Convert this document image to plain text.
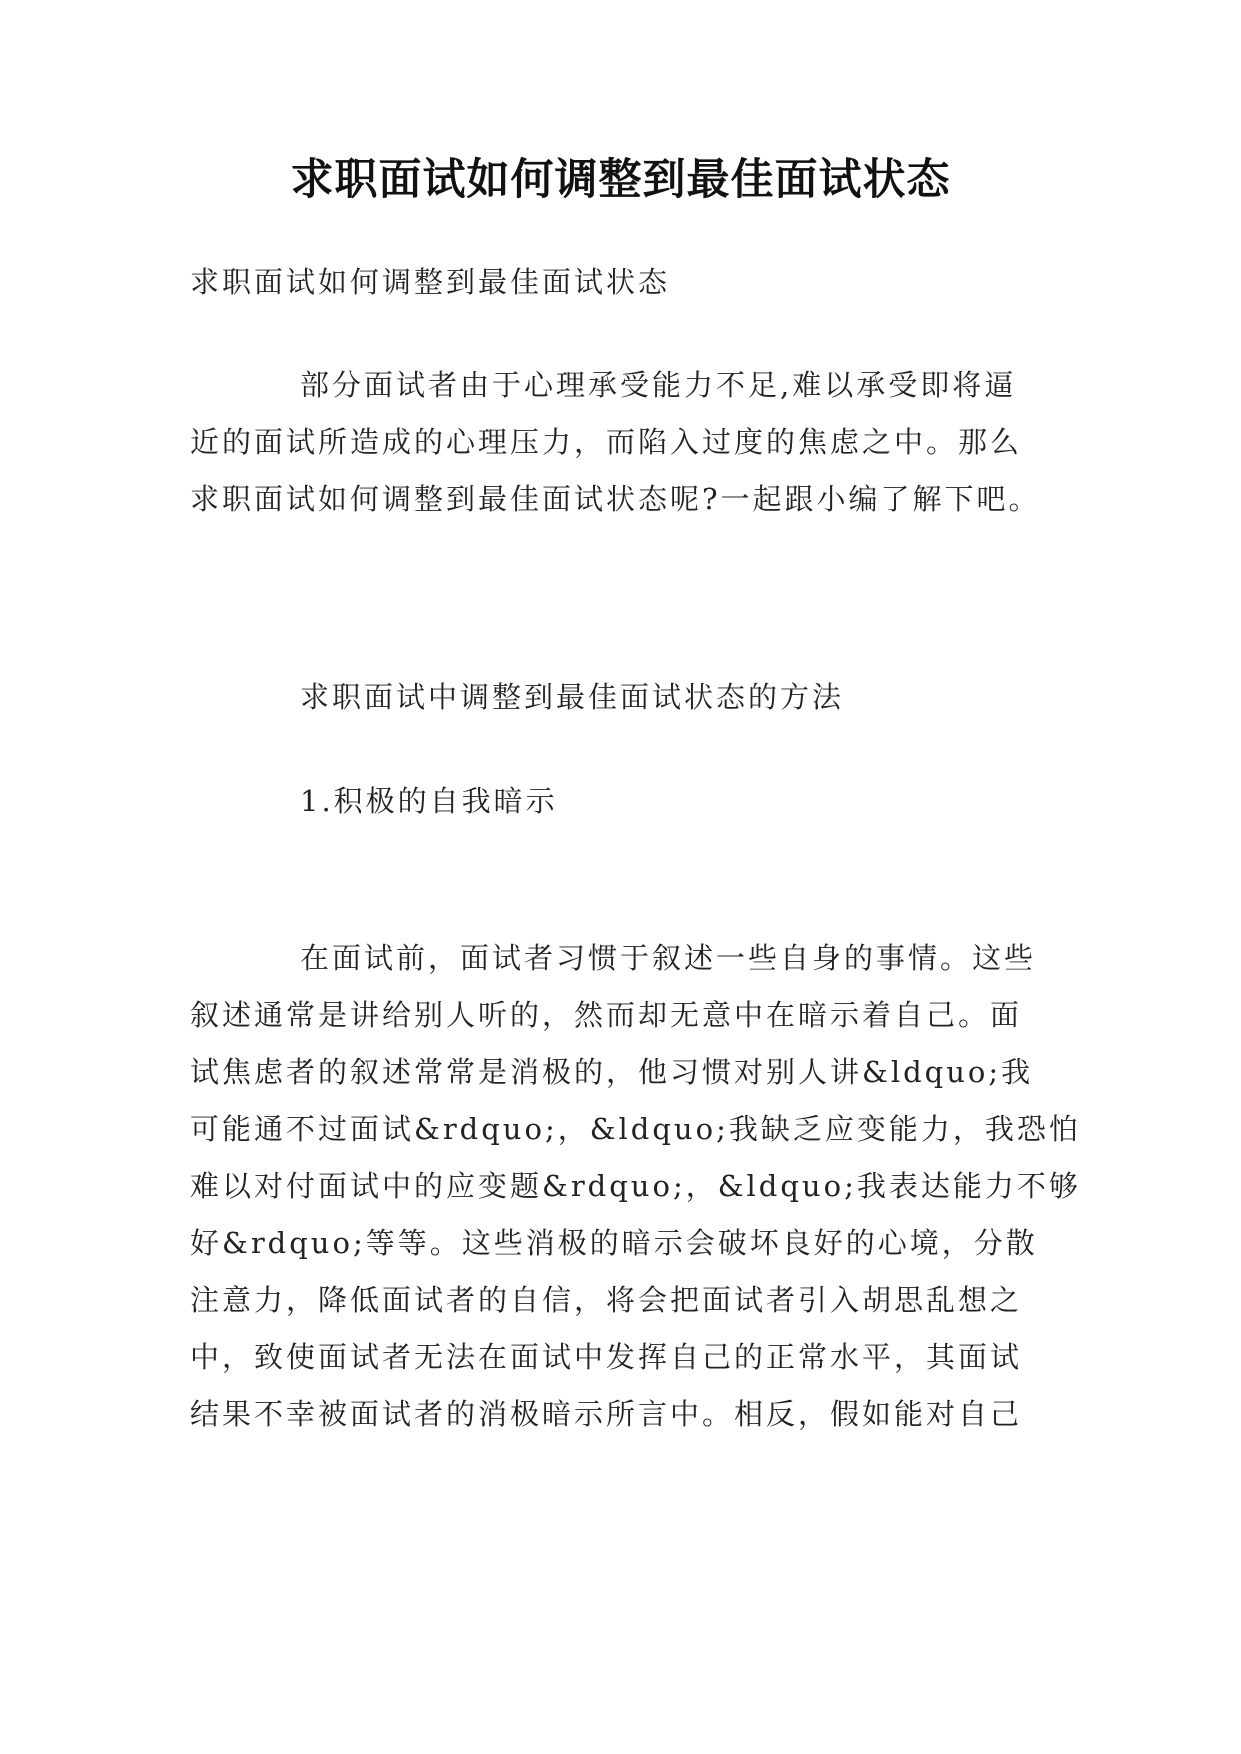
求职面试如何调整到最佳面试状态
求职面试如何调整到最佳面试状态
部分面试者由于心理承受能力不足,难以承受即将逼
近的面试所造成的心理压力，而陷入过度的焦虑之中。那么
求职面试如何调整到最佳面试状态呢?一起跟小编了解下吧。
求职面试中调整到最佳面试状态的方法
1.积极的自我暗示
在面试前，面试者习惯于叙述一些自身的事情。这些
叙述通常是讲给别人听的，然而却无意中在暗示着自己。面
试焦虑者的叙述常常是消极的，他习惯对别人讲&ldquo;我
可能通不过面试&rdquo;，&ldquo;我缺乏应变能力，我恐怕
难以对付面试中的应变题&rdquo;，&ldquo;我表达能力不够
好&rdquo;等等。这些消极的暗示会破坏良好的心境，分散
注意力，降低面试者的自信，将会把面试者引入胡思乱想之
中，致使面试者无法在面试中发挥自己的正常水平，其面试
结果不幸被面试者的消极暗示所言中。相反，假如能对自己
